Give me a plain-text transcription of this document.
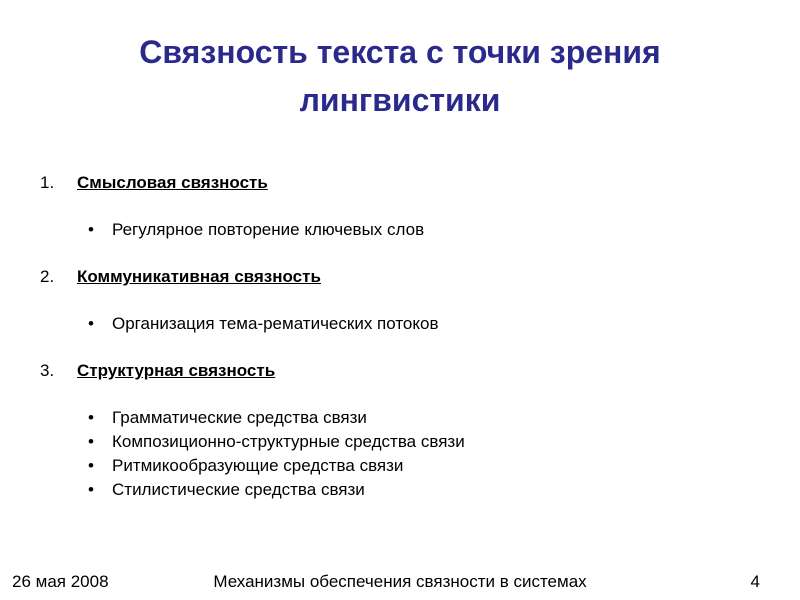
Связность текста с точки зрения лингвистики
1.	Смысловая связность
•	Регулярное повторение ключевых слов
2.	Коммуникативная связность
•	Организация тема-рематических потоков
3.	Структурная связность
•	Грамматические средства связи
•	Композиционно-структурные средства связи
•	Ритмикообразующие средства связи
•	Стилистические средства связи
26 мая 2008	Механизмы обеспечения связности в системах	4
